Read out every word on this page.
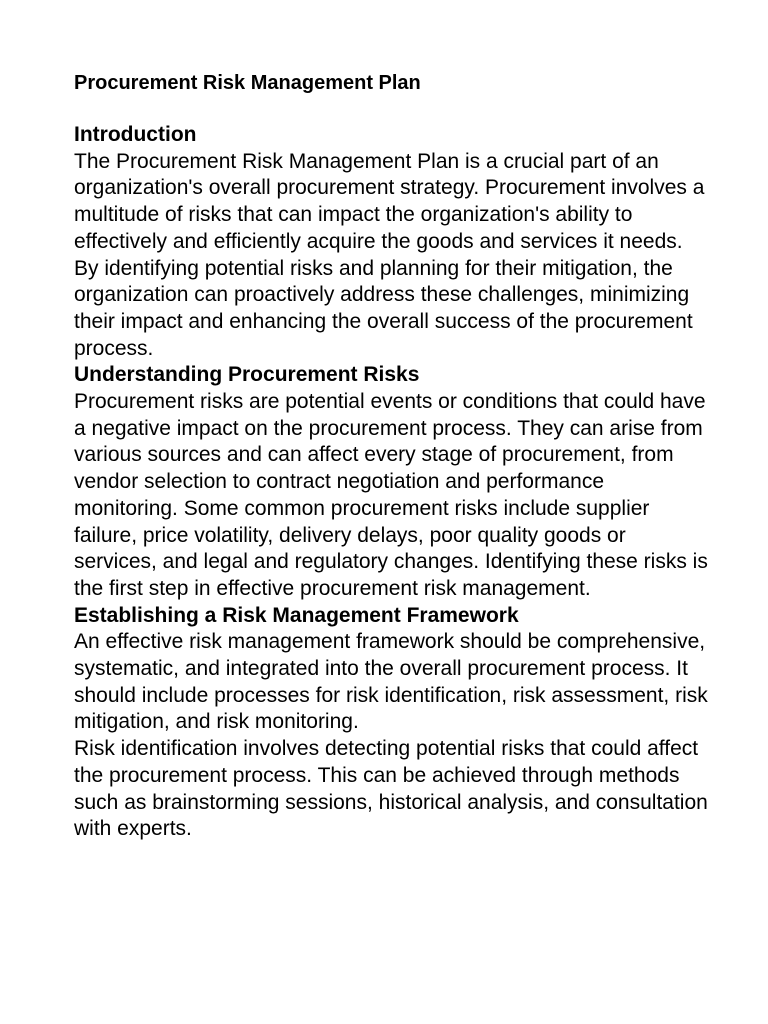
Procurement Risk Management Plan
Introduction

The Procurement Risk Management Plan is a crucial part of an organization's overall procurement strategy. Procurement involves a multitude of risks that can impact the organization's ability to effectively and efficiently acquire the goods and services it needs. By identifying potential risks and planning for their mitigation, the organization can proactively address these challenges, minimizing their impact and enhancing the overall success of the procurement process.

Understanding Procurement Risks

Procurement risks are potential events or conditions that could have a negative impact on the procurement process. They can arise from various sources and can affect every stage of procurement, from vendor selection to contract negotiation and performance monitoring. Some common procurement risks include supplier failure, price volatility, delivery delays, poor quality goods or services, and legal and regulatory changes. Identifying these risks is the first step in effective procurement risk management.

Establishing a Risk Management Framework

An effective risk management framework should be comprehensive, systematic, and integrated into the overall procurement process. It should include processes for risk identification, risk assessment, risk mitigation, and risk monitoring.

Risk identification involves detecting potential risks that could affect the procurement process. This can be achieved through methods such as brainstorming sessions, historical analysis, and consultation with experts.
